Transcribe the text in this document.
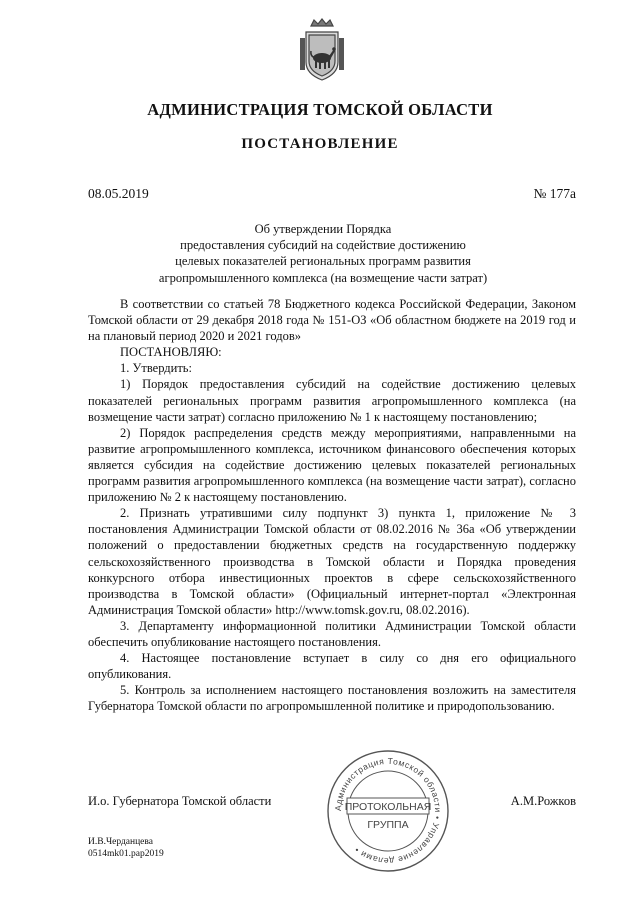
АДМИНИСТРАЦИЯ ТОМСКОЙ ОБЛАСТИ
ПОСТАНОВЛЕНИЕ
08.05.2019	№ 177а
Об утверждении Порядка
предоставления субсидий на содействие достижению
целевых показателей региональных программ развития
агропромышленного комплекса (на возмещение части затрат)

В соответствии со статьей 78 Бюджетного кодекса Российской Федерации, Законом Томской области от 29 декабря 2018 года № 151-ОЗ «Об областном бюджете на 2019 год и на плановый период 2020 и 2021 годов»

ПОСТАНОВЛЯЮ:

1. Утвердить:

1) Порядок предоставления субсидий на содействие достижению целевых показателей региональных программ развития агропромышленного комплекса (на возмещение части затрат) согласно приложению № 1 к настоящему постановлению;

2) Порядок распределения средств между мероприятиями, направленными на развитие агропромышленного комплекса, источником финансового обеспечения которых является субсидия на содействие достижению целевых показателей региональных программ развития агропромышленного комплекса (на возмещение части затрат), согласно приложению № 2 к настоящему постановлению.

2. Признать утратившими силу подпункт 3) пункта 1, приложение № 3 постановления Администрации Томской области от 08.02.2016 № 36а «Об утверждении положений о предоставлении бюджетных средств на государственную поддержку сельскохозяйственного производства в Томской области и Порядка проведения конкурсного отбора инвестиционных проектов в сфере сельскохозяйственного производства в Томской области» (Официальный интернет-портал «Электронная Администрация Томской области» http://www.tomsk.gov.ru, 08.02.2016).

3. Департаменту информационной политики Администрации Томской области обеспечить опубликование настоящего постановления.

4. Настоящее постановление вступает в силу со дня его официального опубликования.

5. Контроль за исполнением настоящего постановления возложить на заместителя Губернатора Томской области по агропромышленной политике и природопользованию.

И.о. Губернатора Томской области	А.М.Рожков
Администрация Томской области • Управление делами •
ПРОТОКОЛЬНАЯ
ГРУППА
И.В.Черданцева
0514mk01.pap2019
